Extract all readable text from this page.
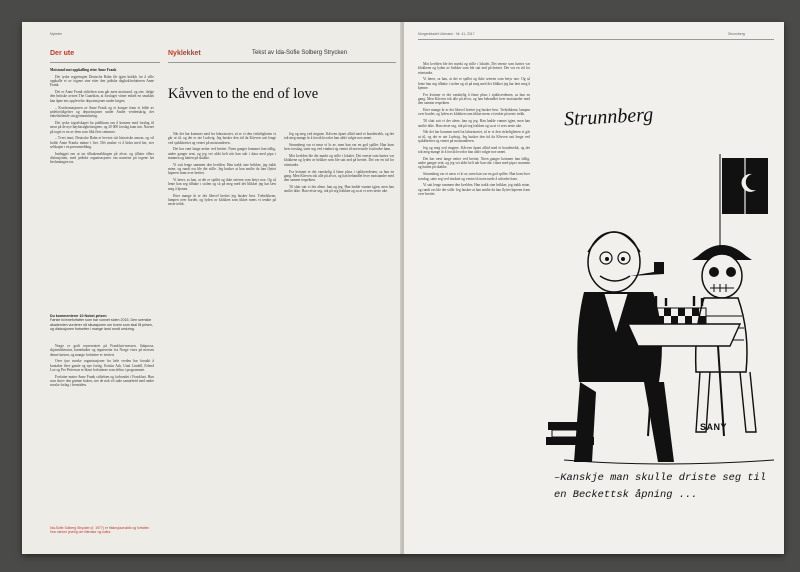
Nyheter
Der ute	Nyklekket	Tekst av Ida-Sofie Solberg Strycken
Kåvven to the end of love

Motstand mot oppkalling etter Anne Frank

Det tyske regjeringen Deutsche Bahn får igjen kritikk for å ville oppkalle et av togene sine etter den jødiske dagbokforfatteren Anne Frank.

Det er Anne Frank stiftelsen som går mest motstand, og sier, ifølge den britiske avisen The Guardian, at forslaget vitner enkelt en smakløs kan åpne ens opplevelse deportasjoner under krigen.

– Konfrontasjonen av Anne Frank og et konger fram et bilde av jødeforfølgelser og deportasjoner under Andre verdenskrig, der enkeltstående sin gjennomføring.

Det tyske togselskapet ba publikum om å komme med forslag til navn på de nye høyhastighetstogene, og 20 000 forslag kom inn. Navnet på toget er en av dem som fikk flest stemmer.

– Tvert imot, Deutsche Bahn er bevisst sitt historiske ansvar, og vil holde Anne Franks minne i live. Dét ønsker vi å bidra med her, sier selskapet i en pressemelding.

Innlegget om at tar tilbakemeldingen på alvor, og tillater ellers diskusjonen, med jødiske organisasjoner om navnene på togene før beslutningen tas.

Du kommenterer 10 Nobel-prisen
Første kvinneforfatter som har vunnet siden 2015. Den svenske akademien vurderer nå situasjonen om hvem som skal få prisen, og diskusjonen fortsetter i mange land rundt omkring.

Norge er godt representert på Frankfurt-messen. Sakprosa, skjønnlitteratur, barnebøker og tegneserier fra Norge vises på messen denne høsten, og mange forfattere er invitert.

Over tjue norske organisasjoner fra hele verden har forsøkt å kontakte flere gamle og nye forlag. Kristin Ask, Unni Lindell, Erlend Loe og Per Petterson er blant forfatterne som deltar i programmet.

Forfatter møter Anne Frank stiftelsen og forbundet i Frankfurt. Hun som skrev den grønne boken, sier de nok vil søke samarbeid med andre norske forlag i fremtiden.

Når det har kommet med fra laboratoriet, så er vi den virkeligheten vi går ut til, og det er ute Ludwig. Jeg husker den tid da Kåvven satt lenge ved sjakkbrettet og ventet på motstanderen.

Det har vært lange netter ved brettet. Noen ganger kommer han tidlig, andre ganger sent, og jeg vet aldri helt når han står i døra med pipa i munnen og hatten på skakke.

Vi satt lenge sammen den kvelden. Han trakk sine brikker, jeg trakk mine, og rundt oss ble det stille. Jeg husker at han smilte da han flyttet løperen fram over brettet.

Vi lærer, sa han, at det er spillet og ikke seieren som betyr noe. Og så lente han seg tilbake i stolen og så på meg med det blikket jeg har lært meg å kjenne.

Etter mange år er det likevel brettet jeg husker best. Trebrikkene, lampen over bordet, og lyden av klokken som tikket mens vi tenkte på neste trekk.

Jeg og meg ved ringene. Kåvven åpnet alltid med et bondetrekk, og det tok meg mange år å forstå hvorfor han aldri valgte noe annet.

Strunnberg var et navn vi lo av, men han var en god spiller. Han kom hver torsdag, satte seg ved vinduet og ventet til noen turde å utfordre ham.

Mot kvelden ble det mørkt og stille i lokalet. Det eneste som hørtes var klokkene og lyden av brikker som ble satt ned på brettet. Det var en tid for ettertanke.

For kvinner er det vanskelig å finne plass i sjakkverdenen, sa hun en gang. Men Kåvven tok alle på alvor, og han behandlet hver motstander med den samme respekten.

Til slutt satt vi der alene, han og jeg. Han hadde vunnet igjen, men han smilte ikke. Han reiste seg, tok på seg frakken og sa at vi sees neste uke.

Ida-Sofie Solberg Strycken (f. 1977) er frilansjournalist og forfatter. Hun skriver jevnlig om litteratur og kultur.
Morgenbladet Litteratur · Nr. 41, 2017	Strunnberg

Mot kvelden ble det mørkt og stille i lokalet. Det eneste som hørtes var klokkene og lyden av brikker som ble satt ned på brettet. Det var en tid for ettertanke.

Vi lærer, sa han, at det er spillet og ikke seieren som betyr noe. Og så lente han seg tilbake i stolen og så på meg med det blikket jeg har lært meg å kjenne.

For kvinner er det vanskelig å finne plass i sjakkverdenen, sa hun en gang. Men Kåvven tok alle på alvor, og han behandlet hver motstander med den samme respekten.

Etter mange år er det likevel brettet jeg husker best. Trebrikkene, lampen over bordet, og lyden av klokken som tikket mens vi tenkte på neste trekk.

Til slutt satt vi der alene, han og jeg. Han hadde vunnet igjen, men han smilte ikke. Han reiste seg, tok på seg frakken og sa at vi sees neste uke.

Når det har kommet med fra laboratoriet, så er vi den virkeligheten vi går ut til, og det er ute Ludwig. Jeg husker den tid da Kåvven satt lenge ved sjakkbrettet og ventet på motstanderen.

Jeg og meg ved ringene. Kåvven åpnet alltid med et bondetrekk, og det tok meg mange år å forstå hvorfor han aldri valgte noe annet.

Det har vært lange netter ved brettet. Noen ganger kommer han tidlig, andre ganger sent, og jeg vet aldri helt når han står i døra med pipa i munnen og hatten på skakke.

Strunnberg var et navn vi lo av, men han var en god spiller. Han kom hver torsdag, satte seg ved vinduet og ventet til noen turde å utfordre ham.

Vi satt lenge sammen den kvelden. Han trakk sine brikker, jeg trakk mine, og rundt oss ble det stille. Jeg husker at han smilte da han flyttet løperen fram over brettet.

Strunnberg
SANY
–Kanskje man skulle driste seg til en Beckettsk åpning ...
